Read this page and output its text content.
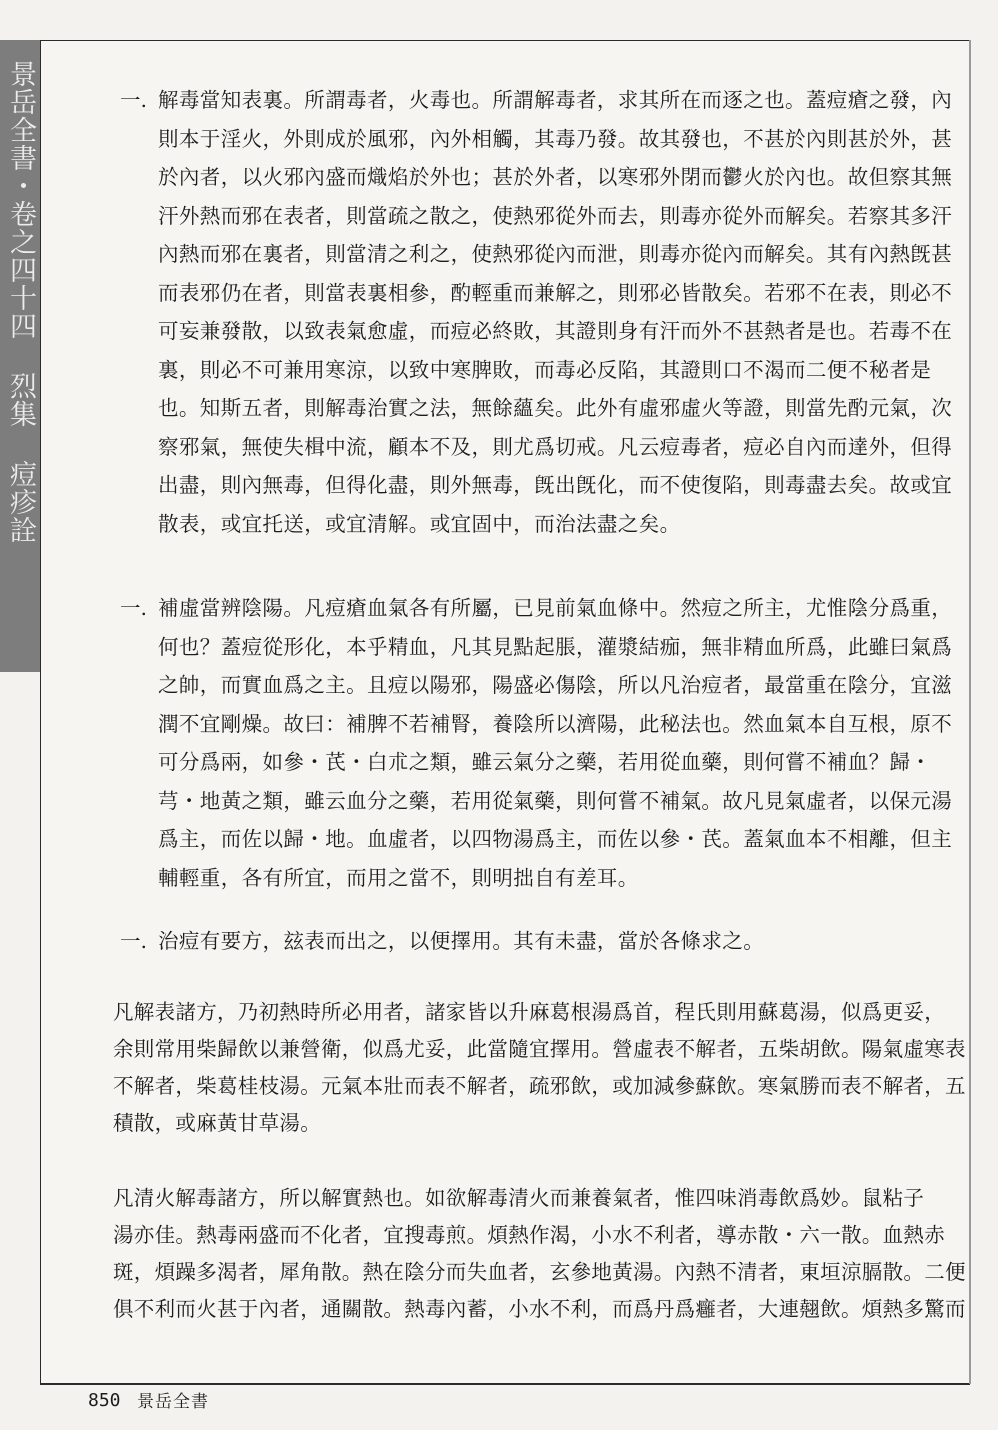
景岳全書・卷之四十四 烈集 痘疹詮	一. 解毒當知表裏。所謂毒者，火毒也。所謂解毒者，求其所在而逐之也。蓋痘瘡之發，內
則本于淫火，外則成於風邪，內外相觸，其毒乃發。故其發也，不甚於內則甚於外，甚
於內者，以火邪內盛而熾焰於外也；甚於外者，以寒邪外閉而鬱火於內也。故但察其無
汗外熱而邪在表者，則當疏之散之，使熱邪從外而去，則毒亦從外而解矣。若察其多汗
內熱而邪在裏者，則當清之利之，使熱邪從內而泄，則毒亦從內而解矣。其有內熱旣甚
而表邪仍在者，則當表裏相參，酌輕重而兼解之，則邪必皆散矣。若邪不在表，則必不
可妄兼發散，以致表氣愈虛，而痘必終敗，其證則身有汗而外不甚熱者是也。若毒不在
裏，則必不可兼用寒涼，以致中寒脾敗，而毒必反陷，其證則口不渴而二便不秘者是
也。知斯五者，則解毒治實之法，無餘蘊矣。此外有虛邪虛火等證，則當先酌元氣，次
察邪氣，無使失楫中流，顧本不及，則尤爲切戒。凡云痘毒者，痘必自內而達外，但得
出盡，則內無毒，但得化盡，則外無毒，旣出旣化，而不使復陷，則毒盡去矣。故或宜
散表，或宜托送，或宜清解。或宜固中，而治法盡之矣。
一. 補虛當辨陰陽。凡痘瘡血氣各有所屬，已見前氣血條中。然痘之所主，尤惟陰分爲重，
何也？蓋痘從形化，本乎精血，凡其見點起脹，灌漿結痂，無非精血所爲，此雖曰氣爲
之帥，而實血爲之主。且痘以陽邪，陽盛必傷陰，所以凡治痘者，最當重在陰分，宜滋
潤不宜剛燥。故曰：補脾不若補腎，養陰所以濟陽，此秘法也。然血氣本自互根，原不
可分爲兩，如參・芪・白朮之類，雖云氣分之藥，若用從血藥，則何嘗不補血？歸・
芎・地黃之類，雖云血分之藥，若用從氣藥，則何嘗不補氣。故凡見氣虛者，以保元湯
爲主，而佐以歸・地。血虛者，以四物湯爲主，而佐以參・芪。蓋氣血本不相離，但主
輔輕重，各有所宜，而用之當不，則明拙自有差耳。
一. 治痘有要方，玆表而出之，以便擇用。其有未盡，當於各條求之。
凡解表諸方，乃初熱時所必用者，諸家皆以升麻葛根湯爲首，程氏則用蘇葛湯，似爲更妥，
余則常用柴歸飲以兼營衛，似爲尤妥，此當隨宜擇用。營虛表不解者，五柴胡飲。陽氣虛寒表
不解者，柴葛桂枝湯。元氣本壯而表不解者，疏邪飲，或加減參蘇飲。寒氣勝而表不解者，五
積散，或麻黃甘草湯。
凡清火解毒諸方，所以解實熱也。如欲解毒清火而兼養氣者，惟四味消毒飲爲妙。鼠粘子
湯亦佳。熱毒兩盛而不化者，宜搜毒煎。煩熱作渴，小水不利者，導赤散・六一散。血熱赤
斑，煩躁多渴者，犀角散。熱在陰分而失血者，玄參地黃湯。內熱不清者，東垣涼膈散。二便
俱不利而火甚于內者，通關散。熱毒內蓄，小水不利，而爲丹爲癰者，大連翹飲。煩熱多驚而
850 景岳全書
